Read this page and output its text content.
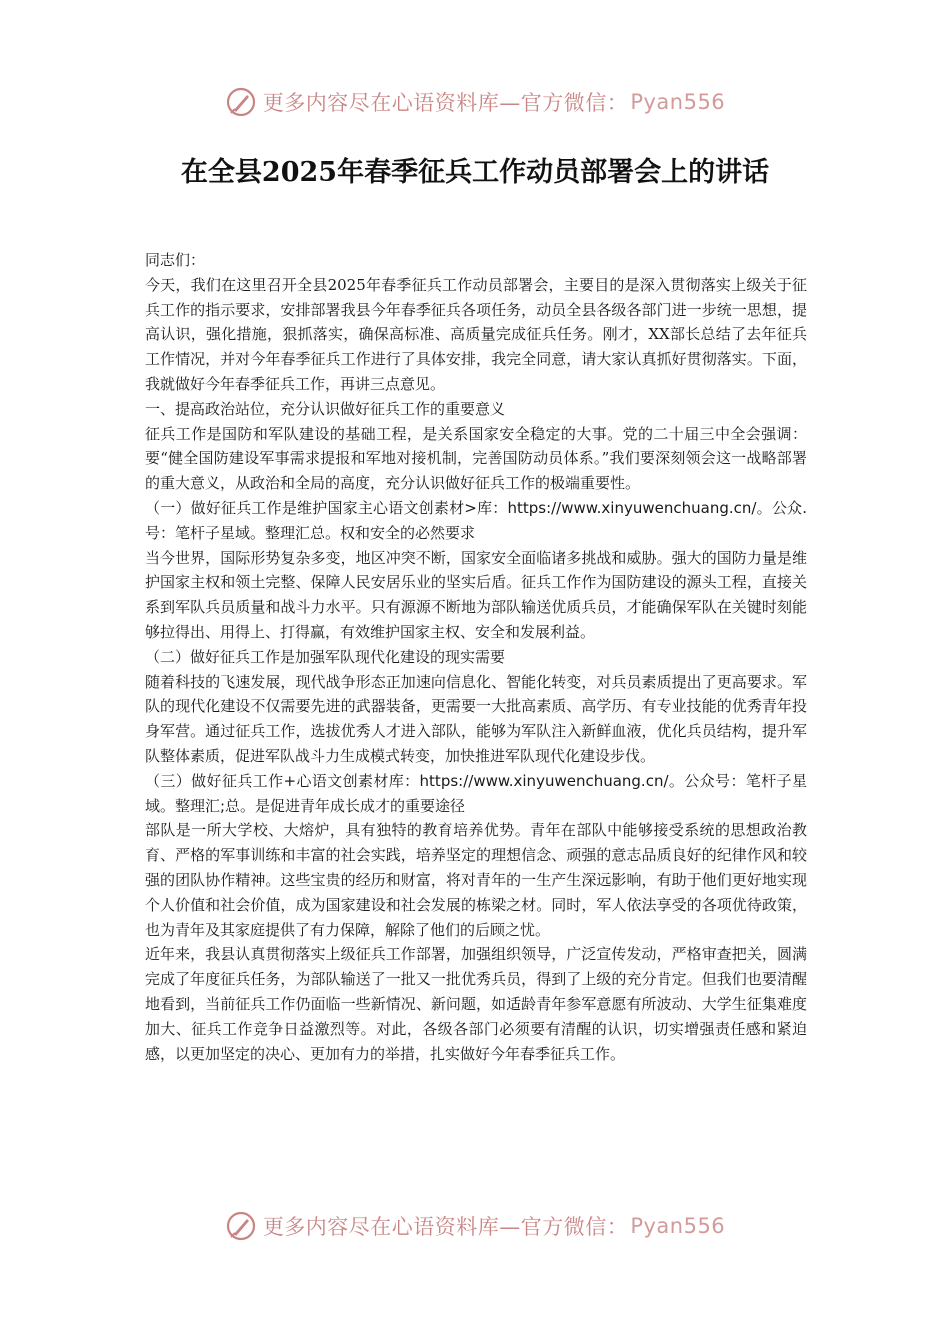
更多内容尽在心语资料库—官方微信： Pyan556
在全县2025年春季征兵工作动员部署会上的讲话

同志们：

今天，我们在这里召开全县2025年春季征兵工作动员部署会，主要目的是深入贯彻落实上级关于征兵工作的指示要求，安排部署我县今年春季征兵各项任务，动员全县各级各部门进一步统一思想，提高认识，强化措施，狠抓落实，确保高标准、高质量完成征兵任务。刚才，XX部长总结了去年征兵工作情况，并对今年春季征兵工作进行了具体安排，我完全同意，请大家认真抓好贯彻落实。下面，我就做好今年春季征兵工作，再讲三点意见。

一、提高政治站位，充分认识做好征兵工作的重要意义

征兵工作是国防和军队建设的基础工程，是关系国家安全稳定的大事。党的二十届三中全会强调：要“健全国防建设军事需求提报和军地对接机制，完善国防动员体系。”我们要深刻领会这一战略部署的重大意义，从政治和全局的高度，充分认识做好征兵工作的极端重要性。

（一）做好征兵工作是维护国家主心语文创素材>库：https://www.xinyuwenchuang.cn/。公众.号：笔杆子星域。整理汇总。权和安全的必然要求

当今世界，国际形势复杂多变，地区冲突不断，国家安全面临诸多挑战和威胁。强大的国防力量是维护国家主权和领土完整、保障人民安居乐业的坚实后盾。征兵工作作为国防建设的源头工程，直接关系到军队兵员质量和战斗力水平。只有源源不断地为部队输送优质兵员，才能确保军队在关键时刻能够拉得出、用得上、打得赢，有效维护国家主权、安全和发展利益。

（二）做好征兵工作是加强军队现代化建设的现实需要

随着科技的飞速发展，现代战争形态正加速向信息化、智能化转变，对兵员素质提出了更高要求。军队的现代化建设不仅需要先进的武器装备，更需要一大批高素质、高学历、有专业技能的优秀青年投身军营。通过征兵工作，选拔优秀人才进入部队，能够为军队注入新鲜血液，优化兵员结构，提升军队整体素质，促进军队战斗力生成模式转变，加快推进军队现代化建设步伐。

（三）做好征兵工作+心语文创素材库：https://www.xinyuwenchuang.cn/。公众号：笔杆子星域。整理汇;总。是促进青年成长成才的重要途径

部队是一所大学校、大熔炉，具有独特的教育培养优势。青年在部队中能够接受系统的思想政治教育、严格的军事训练和丰富的社会实践，培养坚定的理想信念、顽强的意志品质良好的纪律作风和较强的团队协作精神。这些宝贵的经历和财富，将对青年的一生产生深远影响，有助于他们更好地实现个人价值和社会价值，成为国家建设和社会发展的栋梁之材。同时，军人依法享受的各项优待政策，也为青年及其家庭提供了有力保障，解除了他们的后顾之忧。

近年来，我县认真贯彻落实上级征兵工作部署，加强组织领导，广泛宣传发动，严格审查把关，圆满完成了年度征兵任务，为部队输送了一批又一批优秀兵员，得到了上级的充分肯定。但我们也要清醒地看到，当前征兵工作仍面临一些新情况、新问题，如适龄青年参军意愿有所波动、大学生征集难度加大、征兵工作竞争日益激烈等。对此，各级各部门必须要有清醒的认识，切实增强责任感和紧迫感，以更加坚定的决心、更加有力的举措，扎实做好今年春季征兵工作。

更多内容尽在心语资料库—官方微信： Pyan556
